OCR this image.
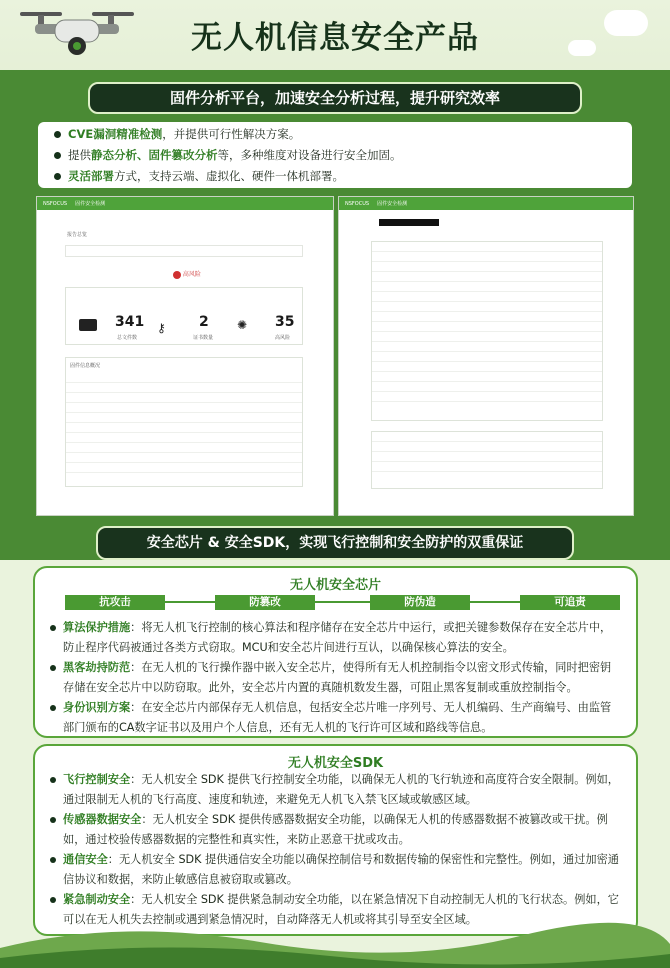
无人机信息安全产品
固件分析平台，加速安全分析过程，提升研究效率
CVE漏洞精准检测，并提供可行性解决方案。
提供静态分析、固件篡改分析等，多种维度对设备进行安全加固。
灵活部署方式，支持云端、虚拟化、硬件一体机部署。
NSFOCUS 固件安全检测
报告总览
高风险
341
总文件数
⚷ 2
证书数量
✺ 35
高风险
固件信息概况
NSFOCUS 固件安全检测
安全芯片 & 安全SDK，实现飞行控制和安全防护的双重保证
无人机安全芯片
抗攻击	防篡改	防伪造	可追责
算法保护措施：将无人机飞行控制的核心算法和程序储存在安全芯片中运行，或把关键参数保存在安全芯片中，防止程序代码被通过各类方式窃取。MCU和安全芯片间进行互认，以确保核心算法的安全。
黑客劫持防范：在无人机的飞行操作器中嵌入安全芯片，使得所有无人机控制指令以密文形式传输，同时把密钥存储在安全芯片中以防窃取。此外，安全芯片内置的真随机数发生器，可阻止黑客复制或重放控制指令。
身份识别方案：在安全芯片内部保存无人机信息，包括安全芯片唯一序列号、无人机编码、生产商编号、由监管部门颁布的CA数字证书以及用户个人信息，还有无人机的飞行许可区域和路线等信息。
无人机安全SDK
飞行控制安全：无人机安全 SDK 提供飞行控制安全功能，以确保无人机的飞行轨迹和高度符合安全限制。例如，通过限制无人机的飞行高度、速度和轨迹，来避免无人机飞入禁飞区域或敏感区域。
传感器数据安全：无人机安全 SDK 提供传感器数据安全功能，以确保无人机的传感器数据不被篡改或干扰。例如，通过校验传感器数据的完整性和真实性，来防止恶意干扰或攻击。
通信安全：无人机安全 SDK 提供通信安全功能以确保控制信号和数据传输的保密性和完整性。例如，通过加密通信协议和数据，来防止敏感信息被窃取或篡改。
紧急制动安全：无人机安全 SDK 提供紧急制动安全功能，以在紧急情况下自动控制无人机的飞行状态。例如，它可以在无人机失去控制或遇到紧急情况时，自动降落无人机或将其引导至安全区域。
